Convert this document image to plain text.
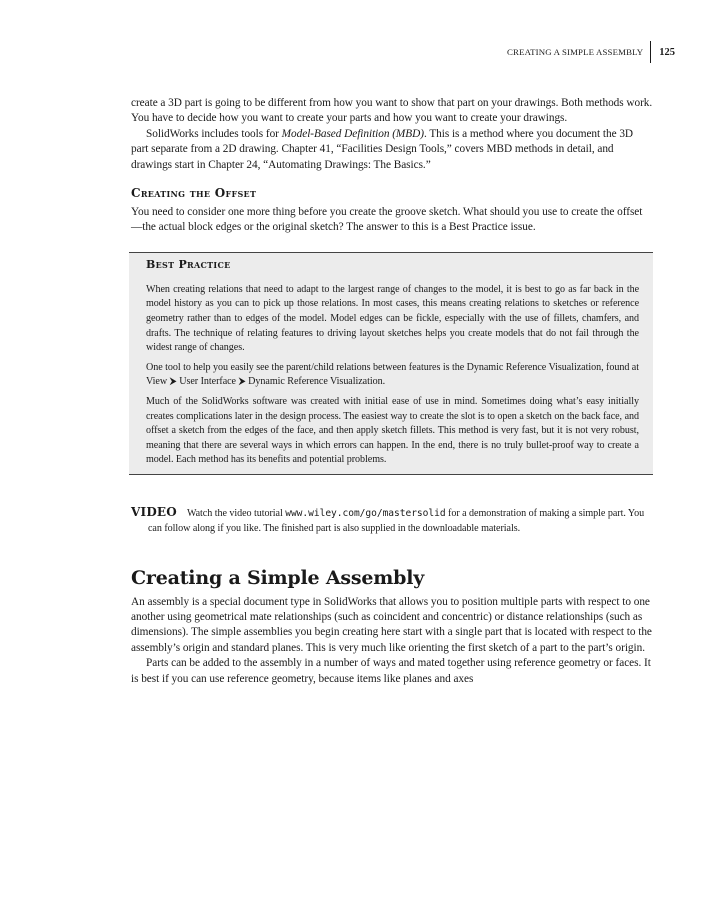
CREATING A SIMPLE ASSEMBLY	125

create a 3D part is going to be different from how you want to show that part on your drawings. Both methods work. You have to decide how you want to create your parts and how you want to create your drawings.

SolidWorks includes tools for Model-Based Definition (MBD). This is a method where you document the 3D part separate from a 2D drawing. Chapter 41, “Facilities Design Tools,” covers MBD methods in detail, and drawings start in Chapter 24, “Automating Drawings: The Basics.”

Creating the Offset

You need to consider one more thing before you create the groove sketch. What should you use to create the offset—the actual block edges or the original sketch? The answer to this is a Best Practice issue.

Best Practice

When creating relations that need to adapt to the largest range of changes to the model, it is best to go as far back in the model history as you can to pick up those relations. In most cases, this means creating relations to sketches or reference geometry rather than to edges of the model. Model edges can be fickle, especially with the use of fillets, chamfers, and drafts. The technique of relating features to driving layout sketches helps you create models that do not fail through the widest range of changes.

One tool to help you easily see the parent/child relations between features is the Dynamic Reference Visualization, found at View ⮞ User Interface ⮞ Dynamic Reference Visualization.

Much of the SolidWorks software was created with initial ease of use in mind. Sometimes doing what’s easy initially creates complications later in the design process. The easiest way to create the slot is to open a sketch on the back face, and offset a sketch from the edges of the face, and then apply sketch fillets. This method is very fast, but it is not very robust, meaning that there are several ways in which errors can happen. In the end, there is no truly bullet-proof way to create a model. Each method has its benefits and potential problems.

VIDEO Watch the video tutorial www.wiley.com/go/mastersolid for a demonstration of making a simple part. You can follow along if you like. The finished part is also supplied in the downloadable materials.

Creating a Simple Assembly

An assembly is a special document type in SolidWorks that allows you to position multiple parts with respect to one another using geometrical mate relationships (such as coincident and concentric) or distance relationships (such as dimensions). The simple assemblies you begin creating here start with a single part that is located with respect to the assembly’s origin and standard planes. This is very much like orienting the first sketch of a part to the part’s origin.

Parts can be added to the assembly in a number of ways and mated together using reference geometry or faces. It is best if you can use reference geometry, because items like planes and axes
